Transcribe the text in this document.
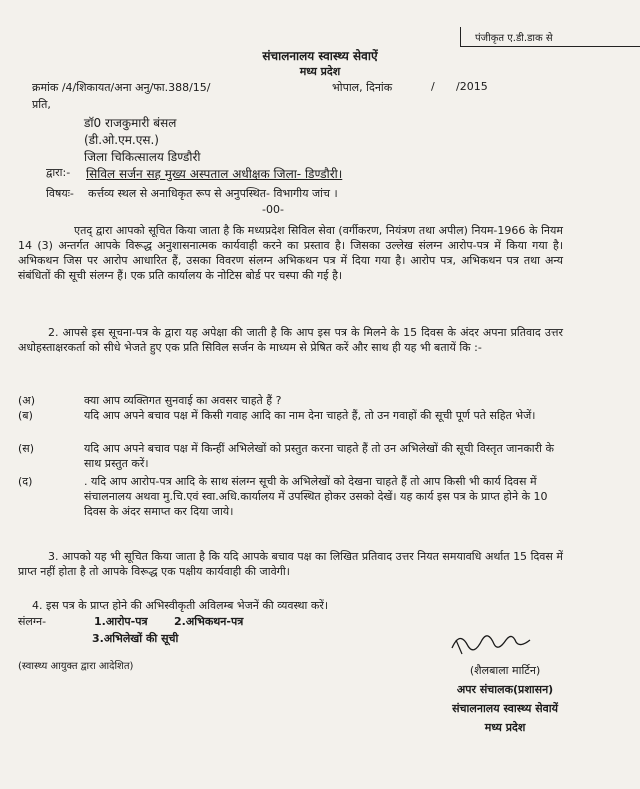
पंजीकृत ए.डी.डाक से
संचालनालय स्वास्थ्य सेवाऐं
मध्य प्रदेश
क्रमांक /4/शिकायत/अना अनु/फा.388/15/	भोपाल, दिनांक	/ /2015
प्रति,
डॉ0 राजकुमारी बंसल
(डी.ओ.एम.एस.)
जिला चिकित्सालय डिण्डौरी
द्वारा:- सिविल सर्जन सह मुख्य अस्पताल अधीक्षक जिला- डिण्डौरी।
विषयः- कर्त्तव्य स्थल से अनाधिकृत रूप से अनुपस्थित- विभागीय जांच ।
-00-
एतद् द्वारा आपको सूचित किया जाता है कि मध्यप्रदेश सिविल सेवा (वर्गीकरण, नियंत्रण तथा अपील) नियम-1966 के नियम 14 (3) अन्तर्गत आपके विरूद्ध अनुशासनात्मक कार्यवाही करने का प्रस्ताव है। जिसका उल्लेख संलग्न आरोप-पत्र में किया गया है। अभिकथन जिस पर आरोप आधारित हैं, उसका विवरण संलग्न अभिकथन पत्र में दिया गया है। आरोप पत्र, अभिकथन पत्र तथा अन्य संबंधितों की सूची संलग्न हैं। एक प्रति कार्यालय के नोटिस बोर्ड पर चस्पा की गई है।
2. आपसे इस सूचना-पत्र के द्वारा यह अपेक्षा की जाती है कि आप इस पत्र के मिलने के 15 दिवस के अंदर अपना प्रतिवाद उत्तर अधोहस्ताक्षरकर्ता को सीधे भेजते हुए एक प्रति सिविल सर्जन के माध्यम से प्रेषित करें और साथ ही यह भी बतायें कि :-
(अ)	क्या आप व्यक्तिगत सुनवाई का अवसर चाहते हैं ?
(ब)	यदि आप अपने बचाव पक्ष में किसी गवाह आदि का नाम देना चाहते हैं, तो उन गवाहों की सूची पूर्ण पते सहित भेजें।
(स)	यदि आप अपने बचाव पक्ष में किन्हीं अभिलेखों को प्रस्तुत करना चाहते हैं तो उन अभिलेखों की सूची विस्तृत जानकारी के साथ प्रस्तुत करें।
(द)	. यदि आप आरोप-पत्र आदि के साथ संलग्न सूची के अभिलेखों को देखना चाहते हैं तो आप किसी भी कार्य दिवस में संचालनालय अथवा मु.चि.एवं स्वा.अधि.कार्यालय में उपस्थित होकर उसको देखें। यह कार्य इस पत्र के प्राप्त होने के 10 दिवस के अंदर समाप्त कर दिया जाये।
3. आपको यह भी सूचित किया जाता है कि यदि आपके बचाव पक्ष का लिखित प्रतिवाद उत्तर नियत समयावधि अर्थात 15 दिवस में प्राप्त नहीं होता है तो आपके विरूद्ध एक पक्षीय कार्यवाही की जावेगी।
4. इस पत्र के प्राप्त होने की अभिस्वीकृती अविलम्ब भेजनें की व्यवस्था करें।
संलग्न-	1.आरोप-पत्र 2.अभिकथन-पत्र
3.अभिलेखों की सूची
(स्वास्थ्य आयुक्त द्वारा आदेशित)	(शैलबाला मार्टिन)
अपर संचालक(प्रशासन)
संचालनालय स्वास्थ्य सेवायें
मध्य प्रदेश
